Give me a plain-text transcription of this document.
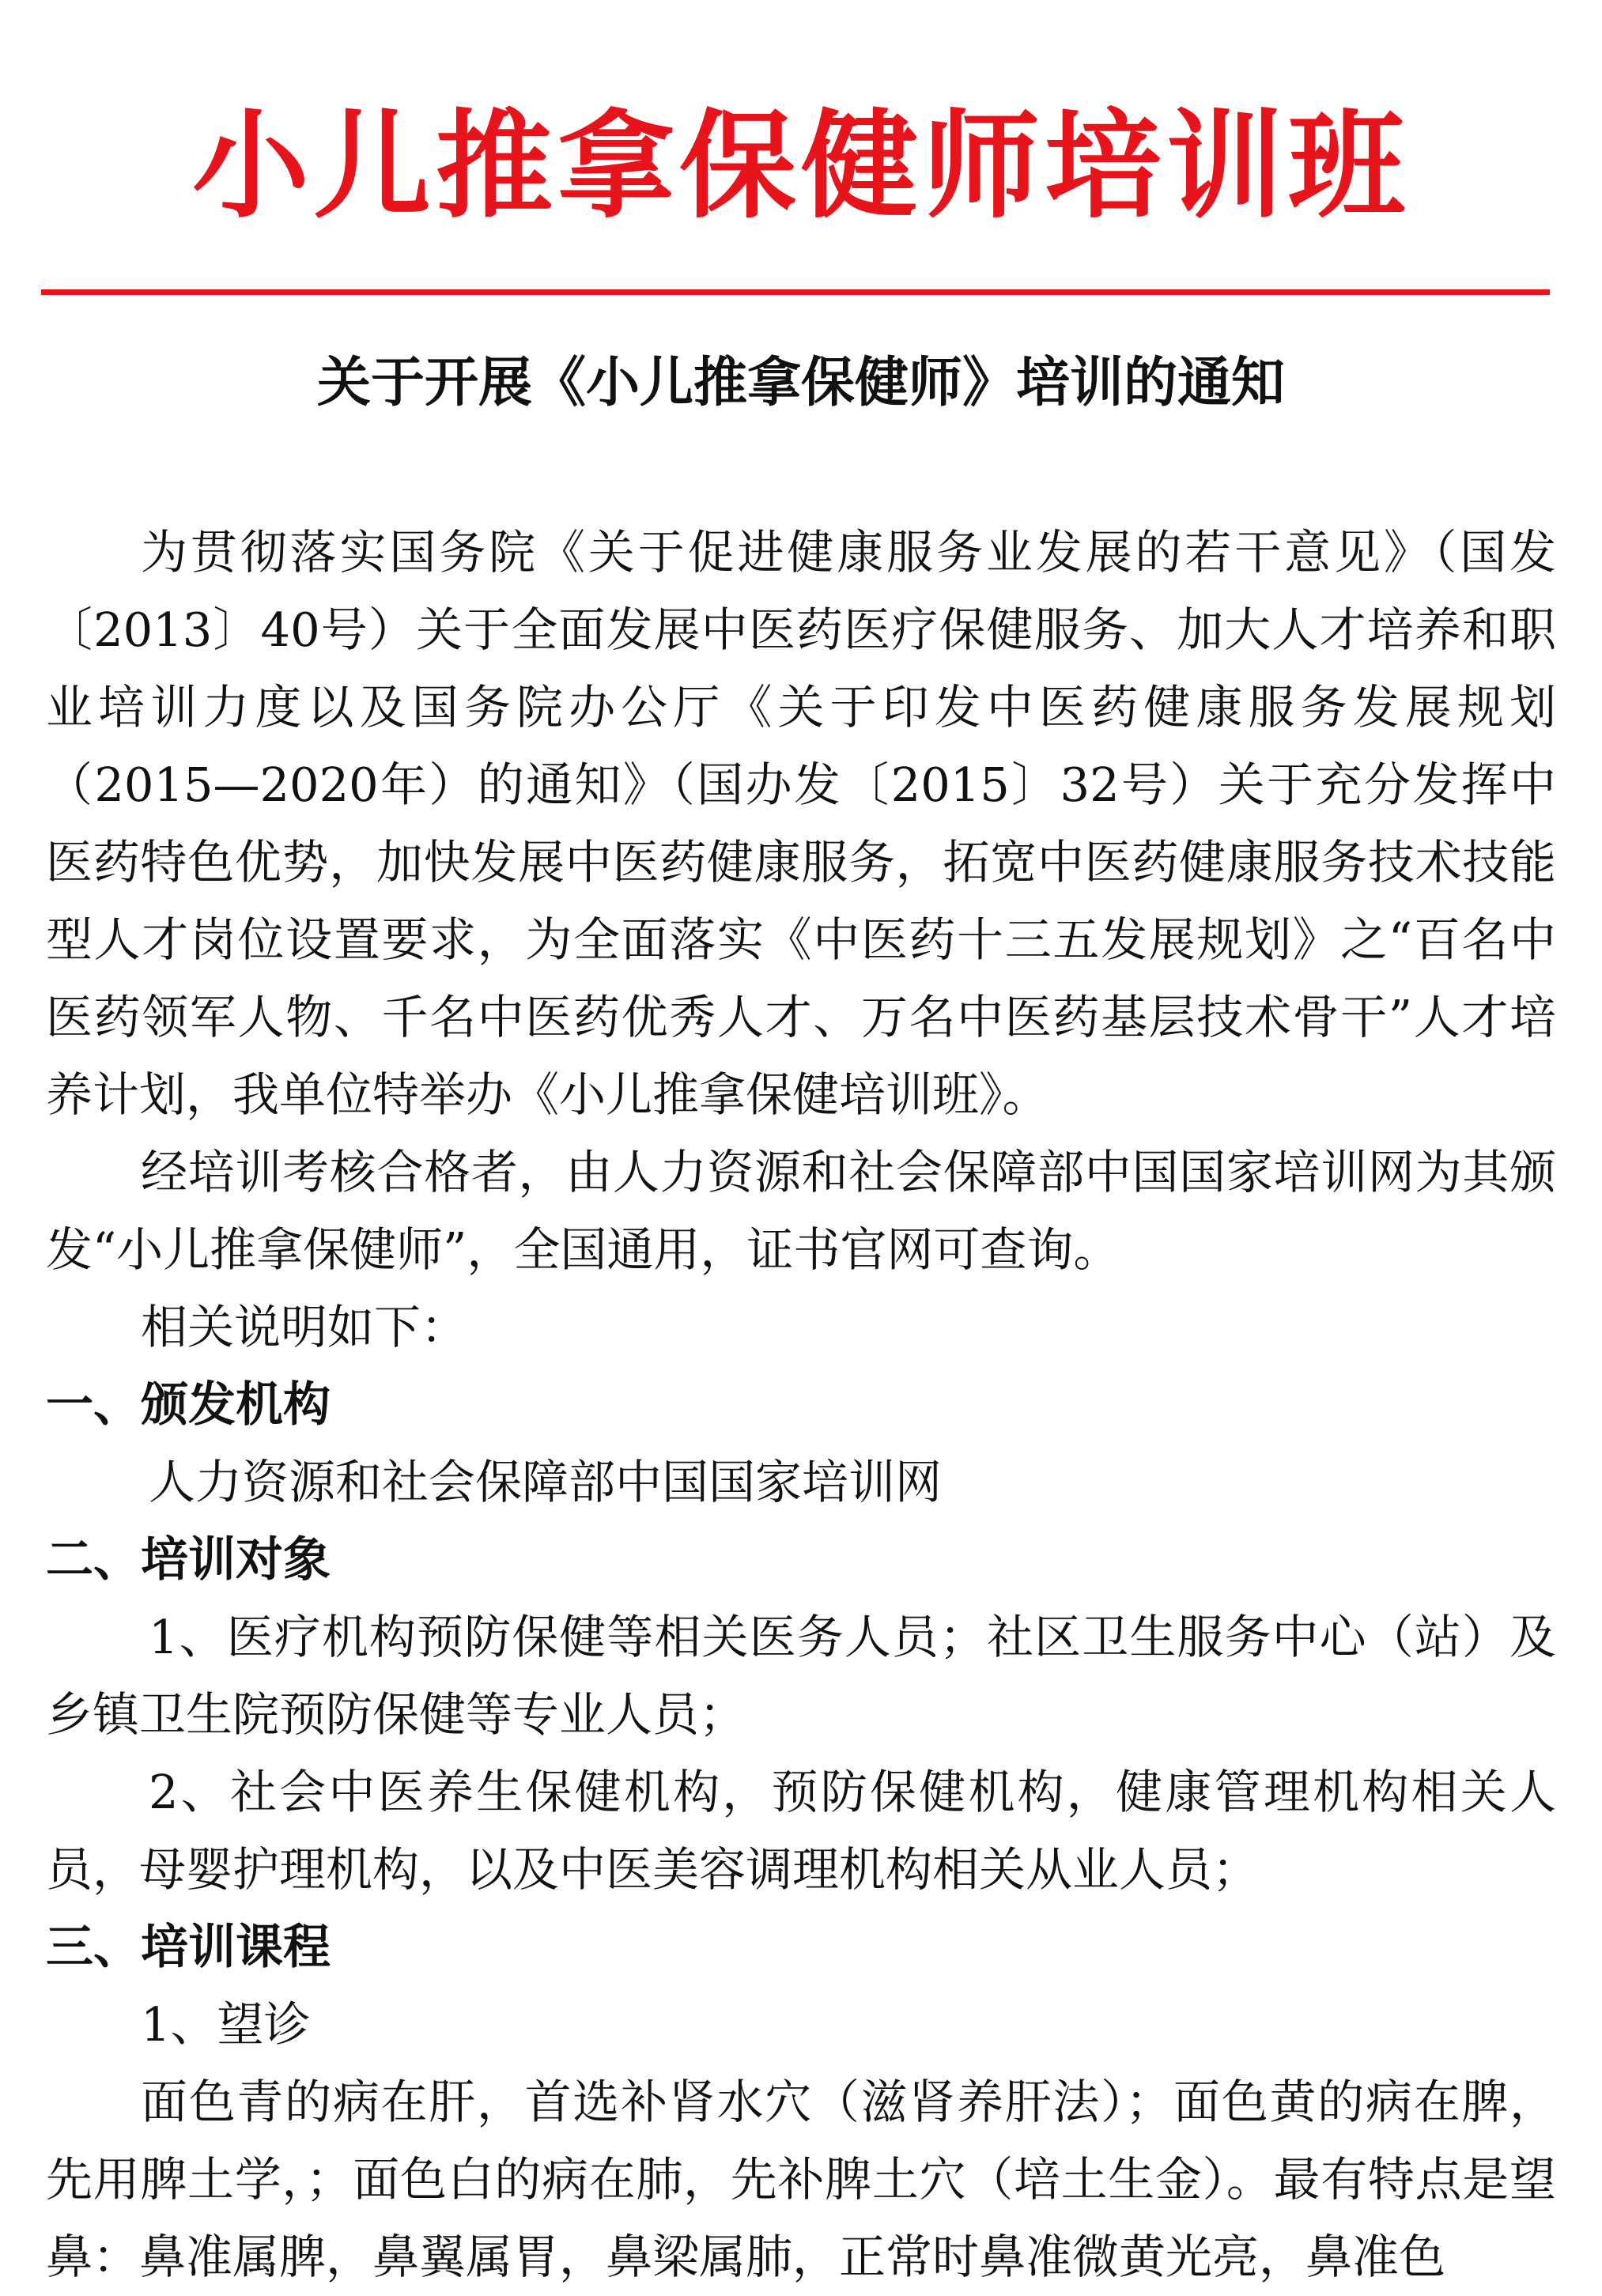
小儿推拿保健师培训班
关于开展《小儿推拿保健师》培训的通知

为贯彻落实国务院《关于促进健康服务业发展的若干意见》（国发〔2013〕40号）关于全面发展中医药医疗保健服务、加大人才培养和职业培训力度以及国务院办公厅《关于印发中医药健康服务发展规划（2015—2020年）的通知》（国办发〔2015〕32号）关于充分发挥中医药特色优势，加快发展中医药健康服务，拓宽中医药健康服务技术技能型人才岗位设置要求，为全面落实《中医药十三五发展规划》之“百名中医药领军人物、千名中医药优秀人才、万名中医药基层技术骨干”人才培养计划，我单位特举办《小儿推拿保健培训班》。

经培训考核合格者，由人力资源和社会保障部中国国家培训网为其颁发“小儿推拿保健师”，全国通用，证书官网可查询。

相关说明如下：

一、颁发机构

人力资源和社会保障部中国国家培训网

二、培训对象

1、医疗机构预防保健等相关医务人员；社区卫生服务中心（站）及乡镇卫生院预防保健等专业人员；

2、社会中医养生保健机构，预防保健机构，健康管理机构相关人员，母婴护理机构，以及中医美容调理机构相关从业人员；

三、培训课程

1、望诊

面色青的病在肝，首选补肾水穴（滋肾养肝法）；面色黄的病在脾，先用脾土学，；面色白的病在肺，先补脾土穴（培土生金）。最有特点是望鼻：鼻准属脾，鼻翼属胃，鼻梁属肺，正常时鼻准微黄光亮，鼻准色
